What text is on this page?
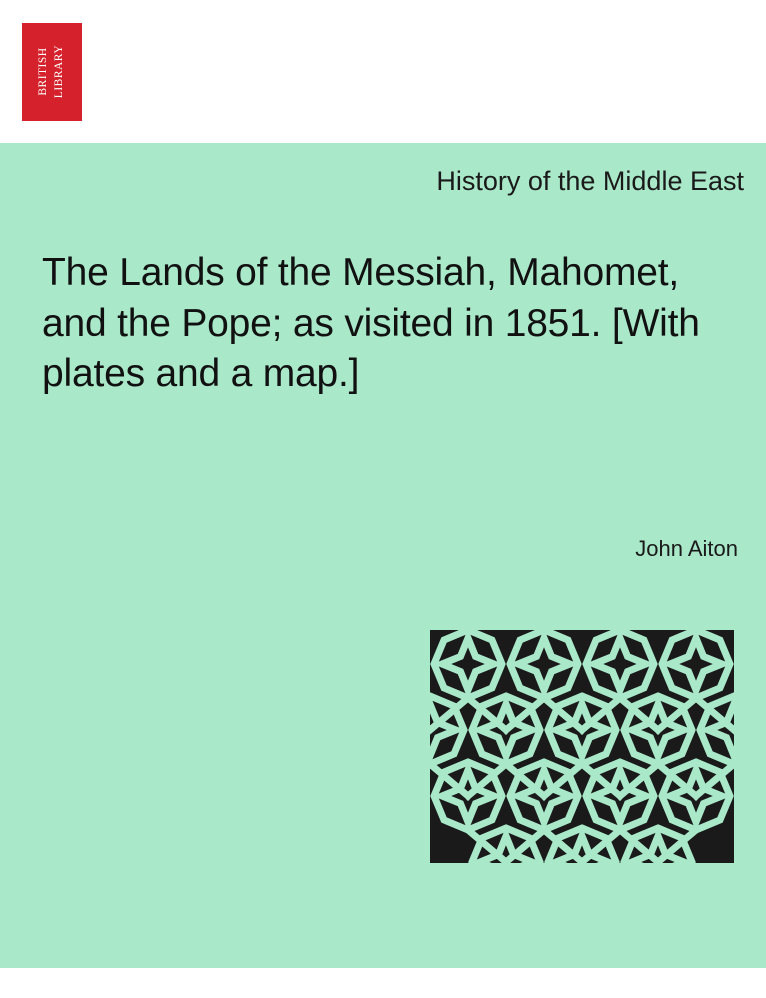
BRITISH LIBRARY
History of the Middle East
The Lands of the Messiah, Mahomet, and the Pope; as visited in 1851. [With plates and a map.]
John Aiton
